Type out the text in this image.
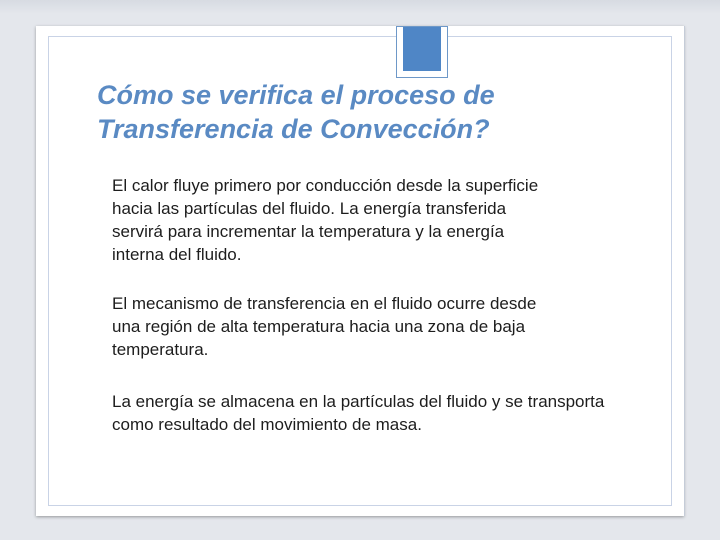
Cómo se verifica el proceso de
Transferencia de Convección?

El calor fluye primero por conducción desde la superficie hacia las partículas del fluido. La energía transferida servirá para incrementar la temperatura y la energía interna del fluido.

El mecanismo de transferencia en el fluido ocurre desde una región de alta temperatura hacia una zona de baja temperatura.

La energía se almacena en la partículas del fluido y se transporta como resultado del movimiento de masa.
